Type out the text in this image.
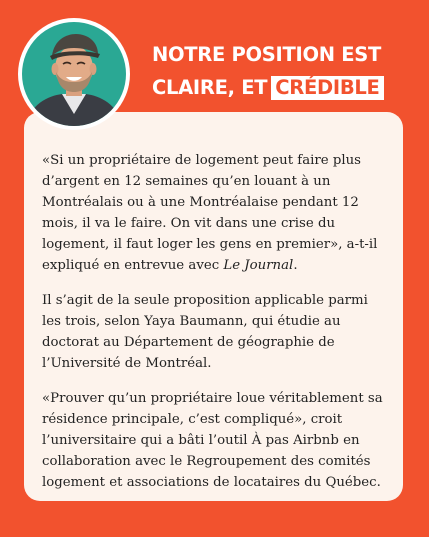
NOTRE POSITION EST
CLAIRE, ET CRÉDIBLE

«Si un propriétaire de logement peut faire plus d’argent en 12 semaines qu’en louant à un Montréalais ou à une Montréalaise pendant 12 mois, il va le faire. On vit dans une crise du logement, il faut loger les gens en premier», a-t-il expliqué en entrevue avec Le Journal.

Il s’agit de la seule proposition applicable parmi les trois, selon Yaya Baumann, qui étudie au doctorat au Département de géographie de l’Université de Montréal.

«Prouver qu’un propriétaire loue véritablement sa résidence principale, c’est compliqué», croit l’universitaire qui a bâti l’outil À pas Airbnb en collaboration avec le Regroupement des comités logement et associations de locataires du Québec.
